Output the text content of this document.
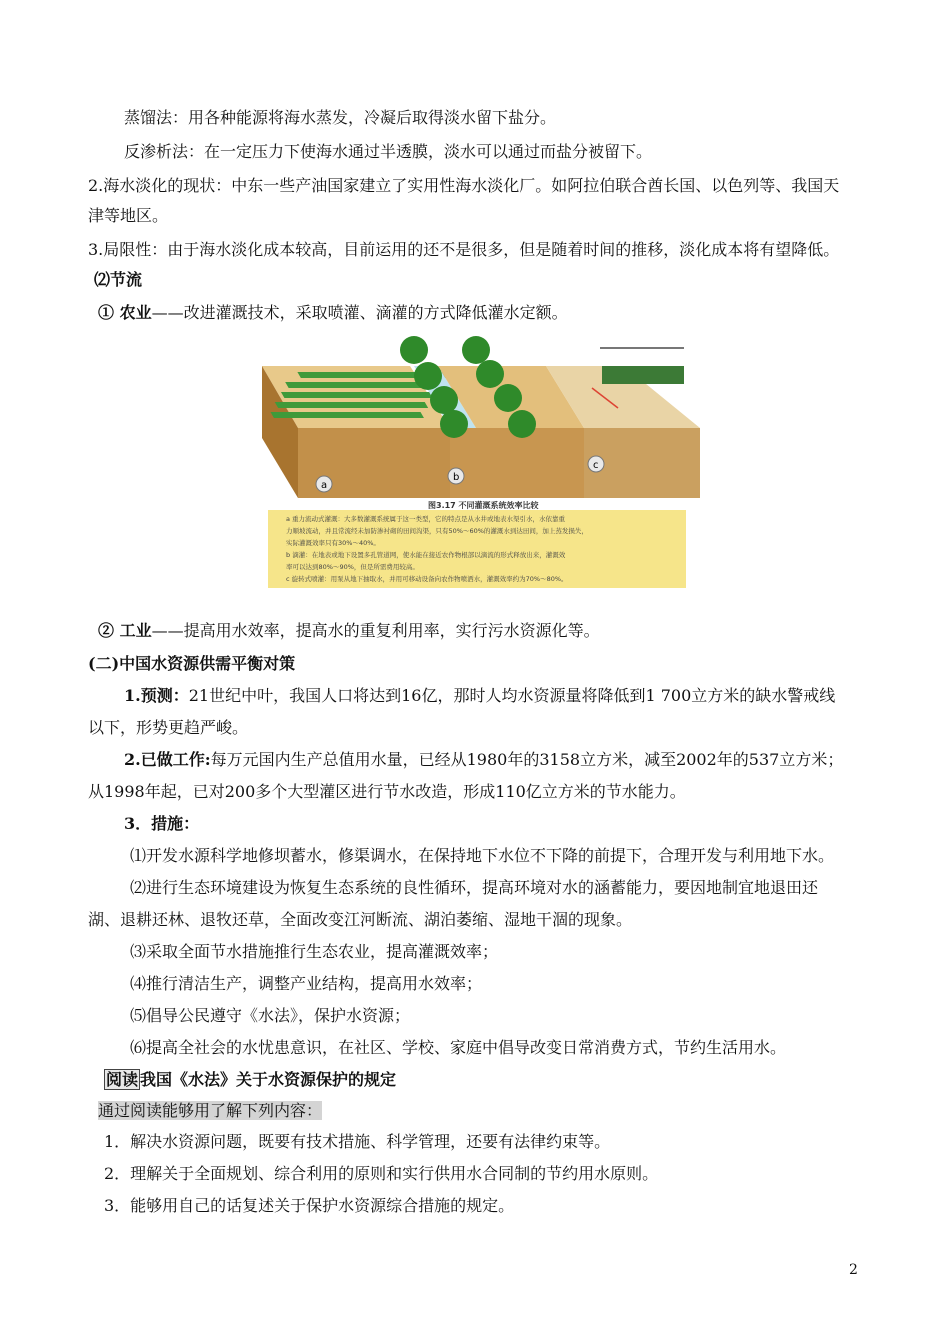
蒸馏法：用各种能源将海水蒸发，冷凝后取得淡水留下盐分。
反渗析法：在一定压力下使海水通过半透膜，淡水可以通过而盐分被留下。
2.海水淡化的现状：中东一些产油国家建立了实用性海水淡化厂。如阿拉伯联合酋长国、以色列等、我国天
津等地区。
3.局限性：由于海水淡化成本较高，目前运用的还不是很多，但是随着时间的推移，淡化成本将有望降低。
⑵节流
① 农业——改进灌溉技术，采取喷灌、滴灌的方式降低灌水定额。
a
b
c
图3.17 不同灌溉系统效率比较
a 重力流动式灌溉：大多数灌溉系统属于这一类型，它的特点是从水井或地表水渠引水，水依靠重
力顺坡流动，并且常流经未加防渗衬砌的田间沟渠，只有50%～60%的灌溉水到达田间，加上蒸发损失，
实际灌溉效率只有30%～40%。
b 滴灌：在地表或地下设置多孔管道网，使水能在接近农作物根部以滴流的形式释放出来，灌溉效
率可以达到80%～90%，但是所需费用较高。
c 旋转式喷灌：用泵从地下抽取水，并用可移动设备向农作物喷洒水，灌溉效率约为70%～80%。
② 工业——提高用水效率，提高水的重复利用率，实行污水资源化等。
(二)中国水资源供需平衡对策
1.预测：21世纪中叶，我国人口将达到16亿，那时人均水资源量将降低到1 700立方米的缺水警戒线
以下，形势更趋严峻。
2.已做工作:每万元国内生产总值用水量，已经从1980年的3158立方米，减至2002年的537立方米；
从1998年起，已对200多个大型灌区进行节水改造，形成110亿立方米的节水能力。
3．措施：
⑴开发水源科学地修坝蓄水，修渠调水，在保持地下水位不下降的前提下，合理开发与利用地下水。
⑵进行生态环境建设为恢复生态系统的良性循环，提高环境对水的涵蓄能力，要因地制宜地退田还
湖、退耕还林、退牧还草，全面改变江河断流、湖泊萎缩、湿地干涸的现象。
⑶采取全面节水措施推行生态农业，提高灌溉效率；
⑷推行清洁生产，调整产业结构，提高用水效率；
⑸倡导公民遵守《水法》，保护水资源；
⑹提高全社会的水忧患意识，在社区、学校、家庭中倡导改变日常消费方式，节约生活用水。
阅读 我国《水法》关于水资源保护的规定
通过阅读能够用了解下列内容：
1．解决水资源问题，既要有技术措施、科学管理，还要有法律约束等。
2．理解关于全面规划、综合利用的原则和实行供用水合同制的节约用水原则。
3．能够用自己的话复述关于保护水资源综合措施的规定。
2
